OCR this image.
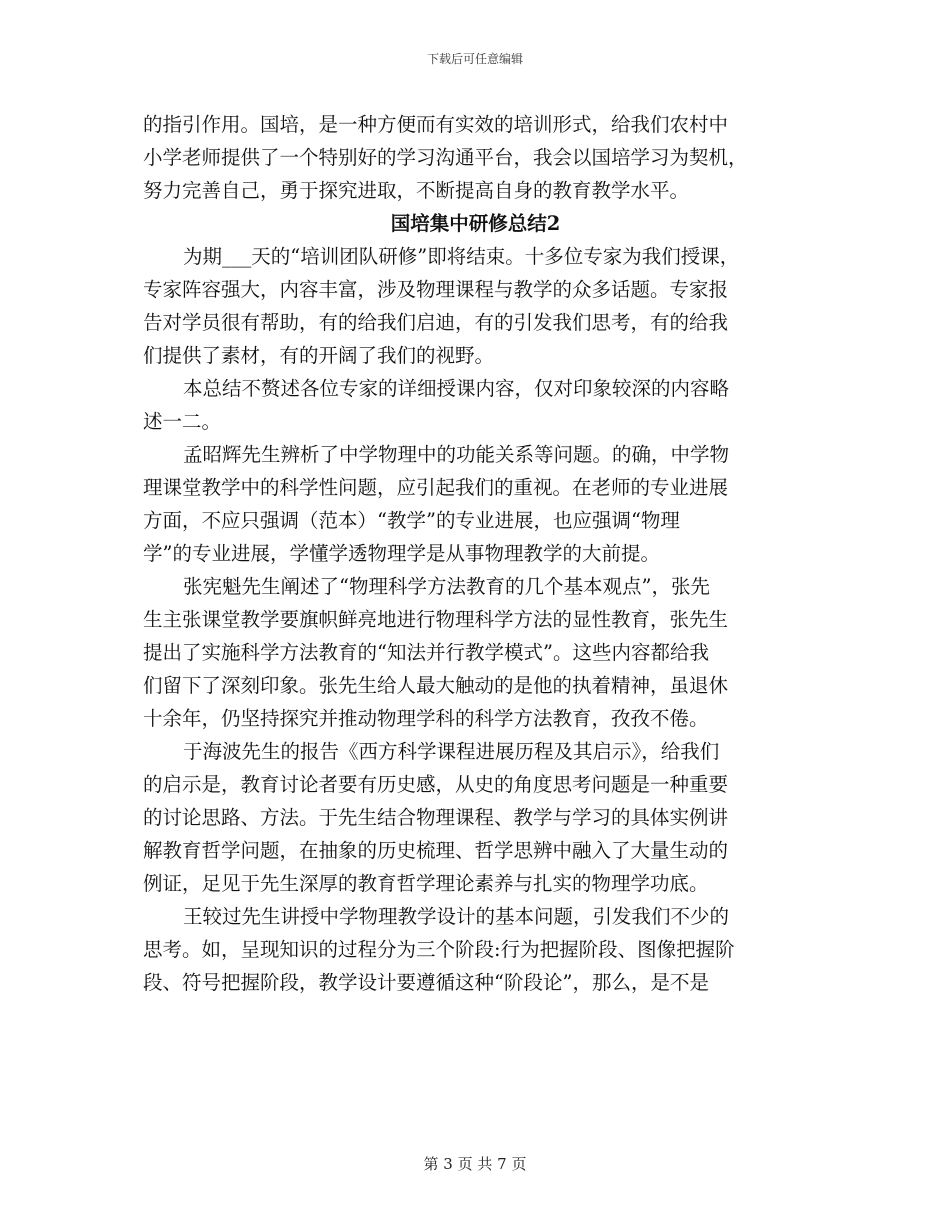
下载后可任意编辑
的指引作用。国培，是一种方便而有实效的培训形式，给我们农村中
小学老师提供了一个特别好的学习沟通平台，我会以国培学习为契机，
努力完善自己，勇于探究进取，不断提高自身的教育教学水平。
国培集中研修总结2
为期___天的“培训团队研修”即将结束。十多位专家为我们授课，
专家阵容强大，内容丰富，涉及物理课程与教学的众多话题。专家报
告对学员很有帮助，有的给我们启迪，有的引发我们思考，有的给我
们提供了素材，有的开阔了我们的视野。
本总结不赘述各位专家的详细授课内容，仅对印象较深的内容略
述一二。
孟昭辉先生辨析了中学物理中的功能关系等问题。的确，中学物
理课堂教学中的科学性问题，应引起我们的重视。在老师的专业进展
方面，不应只强调（范本）“教学”的专业进展，也应强调“物理
学”的专业进展，学懂学透物理学是从事物理教学的大前提。
张宪魁先生阐述了“物理科学方法教育的几个基本观点”，张先
生主张课堂教学要旗帜鲜亮地进行物理科学方法的显性教育，张先生
提出了实施科学方法教育的“知法并行教学模式”。这些内容都给我
们留下了深刻印象。张先生给人最大触动的是他的执着精神，虽退休
十余年，仍坚持探究并推动物理学科的科学方法教育，孜孜不倦。
于海波先生的报告《西方科学课程进展历程及其启示》，给我们
的启示是，教育讨论者要有历史感，从史的角度思考问题是一种重要
的讨论思路、方法。于先生结合物理课程、教学与学习的具体实例讲
解教育哲学问题，在抽象的历史梳理、哲学思辨中融入了大量生动的
例证，足见于先生深厚的教育哲学理论素养与扎实的物理学功底。
王较过先生讲授中学物理教学设计的基本问题，引发我们不少的
思考。如，呈现知识的过程分为三个阶段:行为把握阶段、图像把握阶
段、符号把握阶段，教学设计要遵循这种“阶段论”，那么，是不是
第 3 页 共 7 页
